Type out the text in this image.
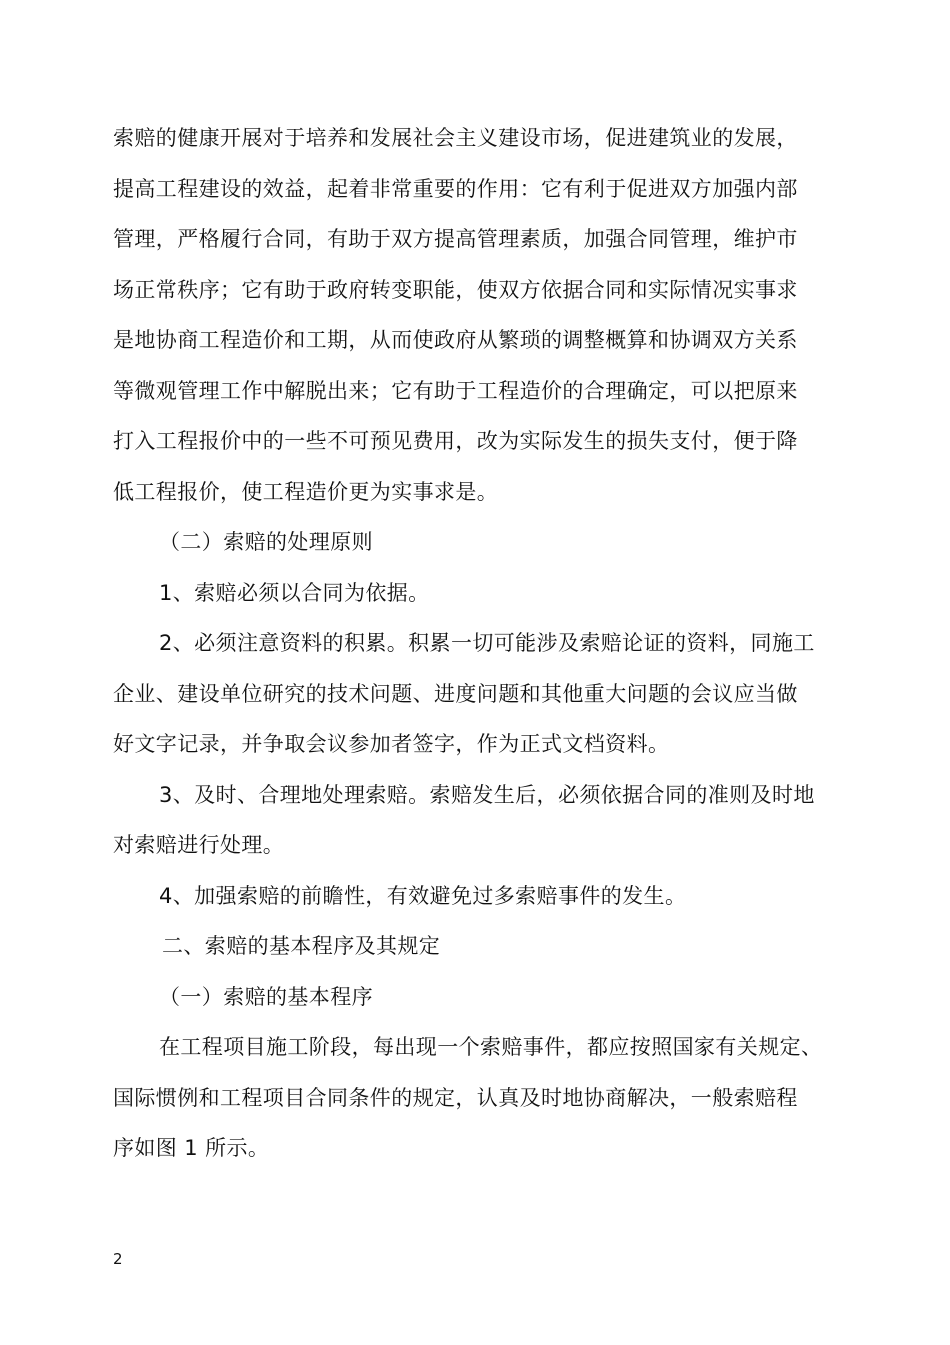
索赔的健康开展对于培养和发展社会主义建设市场，促进建筑业的发展，
提高工程建设的效益，起着非常重要的作用：它有利于促进双方加强内部
管理，严格履行合同，有助于双方提高管理素质，加强合同管理，维护市
场正常秩序；它有助于政府转变职能，使双方依据合同和实际情况实事求
是地协商工程造价和工期，从而使政府从繁琐的调整概算和协调双方关系
等微观管理工作中解脱出来；它有助于工程造价的合理确定，可以把原来
打入工程报价中的一些不可预见费用，改为实际发生的损失支付，便于降
低工程报价，使工程造价更为实事求是。
（二）索赔的处理原则
1、索赔必须以合同为依据。
2、必须注意资料的积累。积累一切可能涉及索赔论证的资料，同施工
企业、建设单位研究的技术问题、进度问题和其他重大问题的会议应当做
好文字记录，并争取会议参加者签字，作为正式文档资料。
3、及时、合理地处理索赔。索赔发生后，必须依据合同的准则及时地
对索赔进行处理。
4、加强索赔的前瞻性，有效避免过多索赔事件的发生。
二、索赔的基本程序及其规定
（一）索赔的基本程序
在工程项目施工阶段，每出现一个索赔事件，都应按照国家有关规定、
国际惯例和工程项目合同条件的规定，认真及时地协商解决，一般索赔程
序如图 1 所示。
2
